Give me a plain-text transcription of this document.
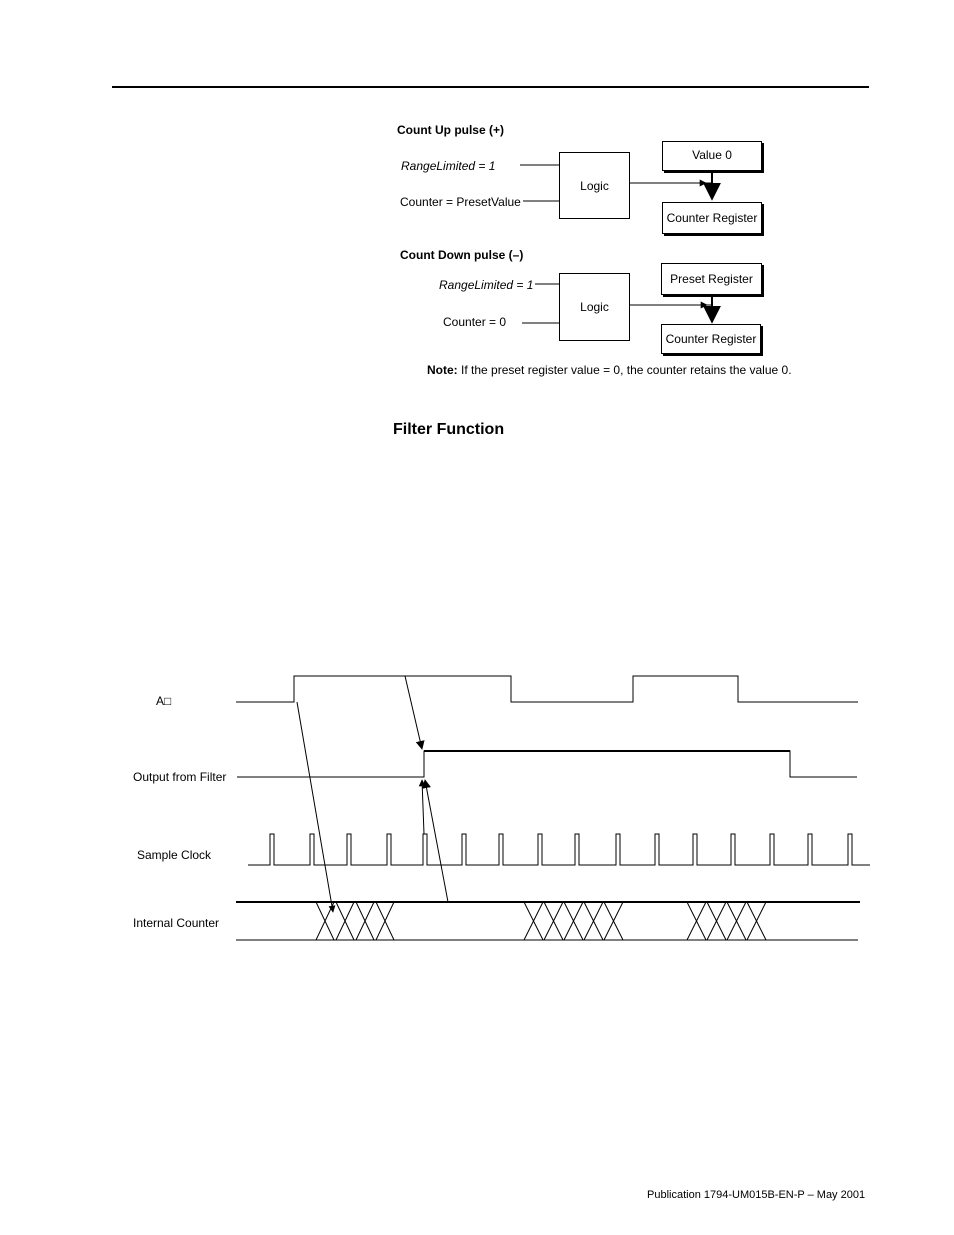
Count Up pulse (+)
RangeLimited = 1
Counter = PresetValue
Logic
Value 0
Counter Register
Count Down pulse (–)
RangeLimited = 1
Counter = 0
Logic
Preset Register
Counter Register
Note: If the preset register value = 0, the counter retains the value 0.
Filter Function
A□
Output from Filter
Sample Clock
Internal Counter
Publication 1794-UM015B-EN-P – May 2001
